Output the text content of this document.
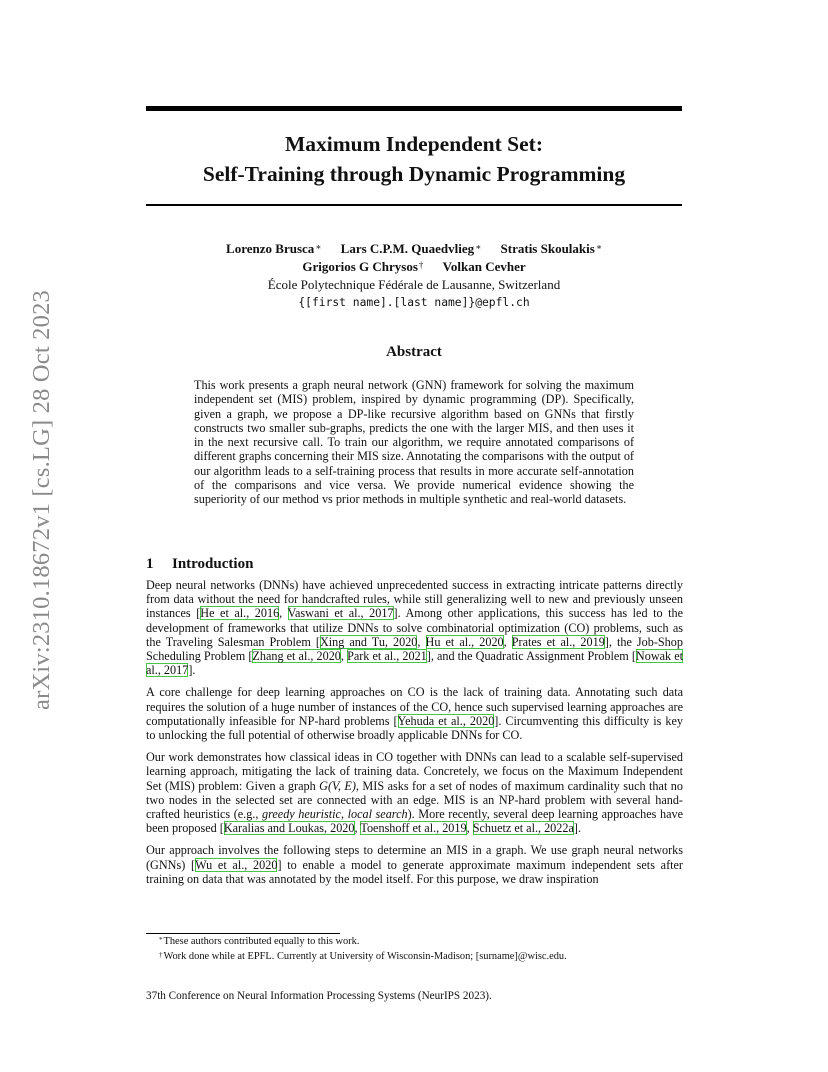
arXiv:2310.18672v1 [cs.LG] 28 Oct 2023
Maximum Independent Set:
Self-Training through Dynamic Programming
Lorenzo Brusca∗ Lars C.P.M. Quaedvlieg∗ Stratis Skoulakis∗
Grigorios G Chrysos† Volkan Cevher
École Polytechnique Fédérale de Lausanne, Switzerland
{[first name].[last name]}@epfl.ch
Abstract
This work presents a graph neural network (GNN) framework for solving the maximum independent set (MIS) problem, inspired by dynamic programming (DP). Specifically, given a graph, we propose a DP-like recursive algorithm based on GNNs that firstly constructs two smaller sub-graphs, predicts the one with the larger MIS, and then uses it in the next recursive call. To train our algorithm, we require annotated comparisons of different graphs concerning their MIS size. Annotating the comparisons with the output of our algorithm leads to a self-training process that results in more accurate self-annotation of the comparisons and vice versa. We provide numerical evidence showing the superiority of our method vs prior methods in multiple synthetic and real-world datasets.
1 Introduction

Deep neural networks (DNNs) have achieved unprecedented success in extracting intricate patterns directly from data without the need for handcrafted rules, while still generalizing well to new and previously unseen instances [He et al., 2016, Vaswani et al., 2017]. Among other applications, this success has led to the development of frameworks that utilize DNNs to solve combinatorial optimization (CO) problems, such as the Traveling Salesman Problem [Xing and Tu, 2020, Hu et al., 2020, Prates et al., 2019], the Job-Shop Scheduling Problem [Zhang et al., 2020, Park et al., 2021], and the Quadratic Assignment Problem [Nowak et al., 2017].

A core challenge for deep learning approaches on CO is the lack of training data. Annotating such data requires the solution of a huge number of instances of the CO, hence such supervised learning approaches are computationally infeasible for NP-hard problems [Yehuda et al., 2020]. Circumventing this difficulty is key to unlocking the full potential of otherwise broadly applicable DNNs for CO.

Our work demonstrates how classical ideas in CO together with DNNs can lead to a scalable self-supervised learning approach, mitigating the lack of training data. Concretely, we focus on the Maximum Independent Set (MIS) problem: Given a graph G(V, E), MIS asks for a set of nodes of maximum cardinality such that no two nodes in the selected set are connected with an edge. MIS is an NP-hard problem with several hand-crafted heuristics (e.g., greedy heuristic, local search). More recently, several deep learning approaches have been proposed [Karalias and Loukas, 2020, Toenshoff et al., 2019, Schuetz et al., 2022a].

Our approach involves the following steps to determine an MIS in a graph. We use graph neural networks (GNNs) [Wu et al., 2020] to enable a model to generate approximate maximum independent sets after training on data that was annotated by the model itself. For this purpose, we draw inspiration

*These authors contributed equally to this work.
†Work done while at EPFL. Currently at University of Wisconsin-Madison; [surname]@wisc.edu.
37th Conference on Neural Information Processing Systems (NeurIPS 2023).
